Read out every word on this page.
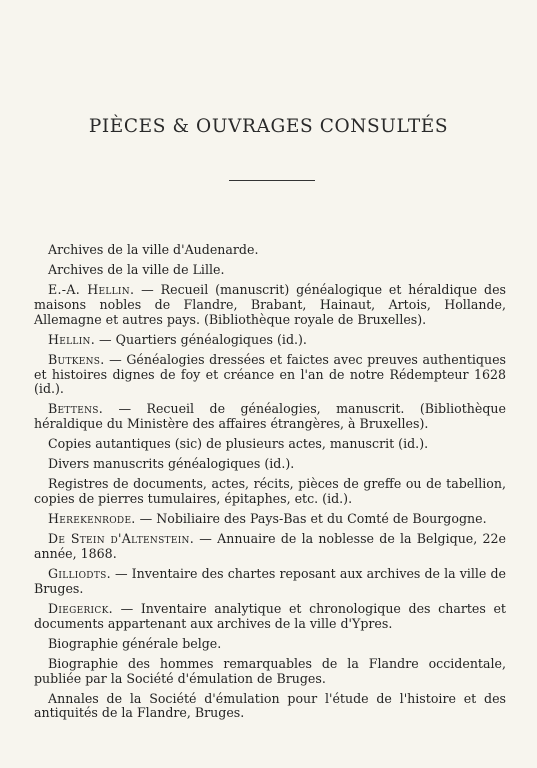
PIÈCES & OUVRAGES CONSULTÉS

Archives de la ville d'Audenarde.

Archives de la ville de Lille.

E.-A. Hellin. — Recueil (manuscrit) généalogique et héraldique des maisons nobles de Flandre, Brabant, Hainaut, Artois, Hollande, Allemagne et autres pays. (Bibliothèque royale de Bruxelles).

Hellin. — Quartiers généalogiques (id.).

Butkens. — Généalogies dressées et faictes avec preuves authentiques et histoires dignes de foy et créance en l'an de notre Rédempteur 1628 (id.).

Bettens. — Recueil de généalogies, manuscrit. (Bibliothèque héraldique du Ministère des affaires étrangères, à Bruxelles).

Copies autantiques (sic) de plusieurs actes, manuscrit (id.).

Divers manuscrits généalogiques (id.).

Registres de documents, actes, récits, pièces de greffe ou de tabellion, copies de pierres tumulaires, épitaphes, etc. (id.).

Herekenrode. — Nobiliaire des Pays-Bas et du Comté de Bourgogne.

De Stein d'Altenstein. — Annuaire de la noblesse de la Belgique, 22e année, 1868.

Gilliodts. — Inventaire des chartes reposant aux archives de la ville de Bruges.

Diegerick. — Inventaire analytique et chronologique des chartes et documents appartenant aux archives de la ville d'Ypres.

Biographie générale belge.

Biographie des hommes remarquables de la Flandre occidentale, publiée par la Société d'émulation de Bruges.

Annales de la Société d'émulation pour l'étude de l'histoire et des antiquités de la Flandre, Bruges.
